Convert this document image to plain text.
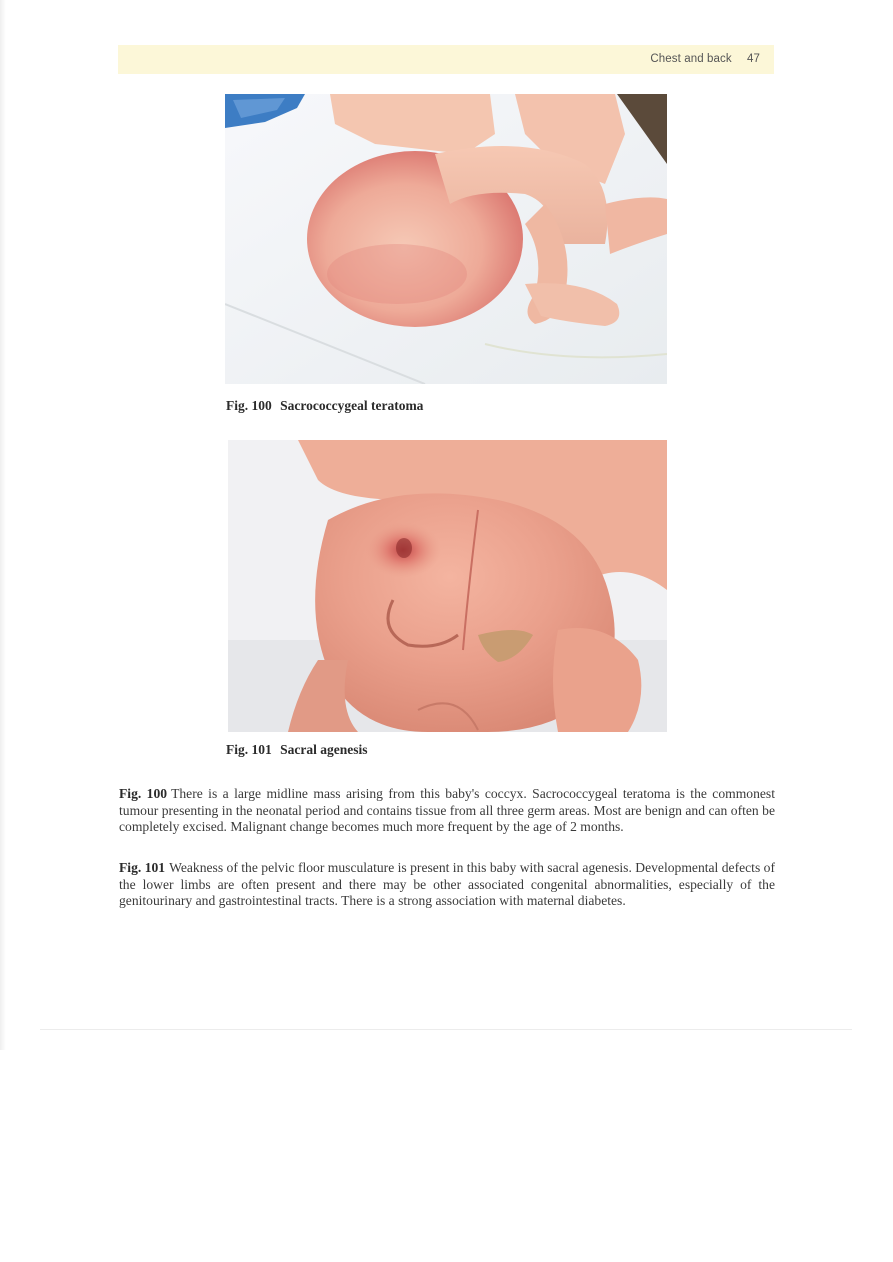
Chest and back 47
Fig. 100 Sacrococcygeal teratoma
Fig. 101 Sacral agenesis

Fig. 100 There is a large midline mass arising from this baby's coccyx. Sacrococcygeal teratoma is the commonest tumour presenting in the neonatal period and contains tissue from all three germ areas. Most are benign and can often be completely excised. Malignant change becomes much more frequent by the age of 2 months.

Fig. 101 Weakness of the pelvic floor musculature is present in this baby with sacral agenesis. Developmental defects of the lower limbs are often present and there may be other associated congenital abnormalities, especially of the genitourinary and gastrointestinal tracts. There is a strong association with maternal diabetes.
